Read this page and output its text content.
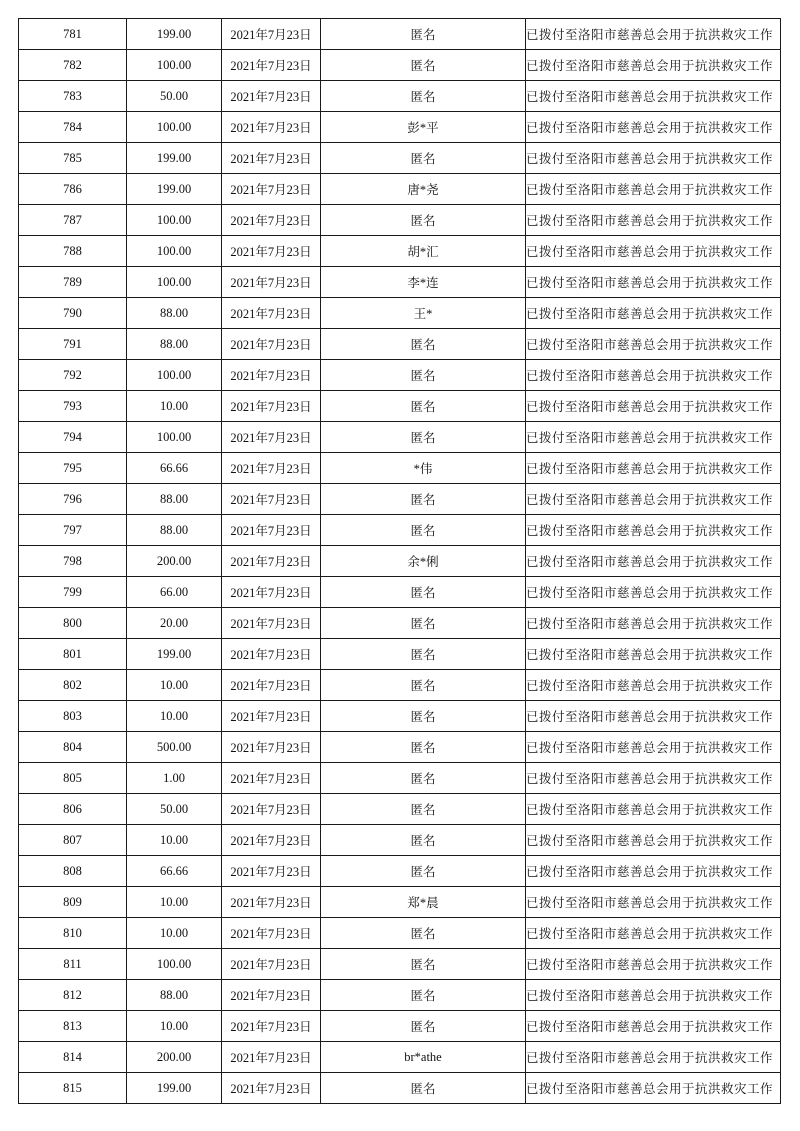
781	199.00	2021年7月23日	匿名	已拨付至洛阳市慈善总会用于抗洪救灾工作
782	100.00	2021年7月23日	匿名	已拨付至洛阳市慈善总会用于抗洪救灾工作
783	50.00	2021年7月23日	匿名	已拨付至洛阳市慈善总会用于抗洪救灾工作
784	100.00	2021年7月23日	彭*平	已拨付至洛阳市慈善总会用于抗洪救灾工作
785	199.00	2021年7月23日	匿名	已拨付至洛阳市慈善总会用于抗洪救灾工作
786	199.00	2021年7月23日	唐*尧	已拨付至洛阳市慈善总会用于抗洪救灾工作
787	100.00	2021年7月23日	匿名	已拨付至洛阳市慈善总会用于抗洪救灾工作
788	100.00	2021年7月23日	胡*汇	已拨付至洛阳市慈善总会用于抗洪救灾工作
789	100.00	2021年7月23日	李*连	已拨付至洛阳市慈善总会用于抗洪救灾工作
790	88.00	2021年7月23日	王*	已拨付至洛阳市慈善总会用于抗洪救灾工作
791	88.00	2021年7月23日	匿名	已拨付至洛阳市慈善总会用于抗洪救灾工作
792	100.00	2021年7月23日	匿名	已拨付至洛阳市慈善总会用于抗洪救灾工作
793	10.00	2021年7月23日	匿名	已拨付至洛阳市慈善总会用于抗洪救灾工作
794	100.00	2021年7月23日	匿名	已拨付至洛阳市慈善总会用于抗洪救灾工作
795	66.66	2021年7月23日	*伟	已拨付至洛阳市慈善总会用于抗洪救灾工作
796	88.00	2021年7月23日	匿名	已拨付至洛阳市慈善总会用于抗洪救灾工作
797	88.00	2021年7月23日	匿名	已拨付至洛阳市慈善总会用于抗洪救灾工作
798	200.00	2021年7月23日	余*俐	已拨付至洛阳市慈善总会用于抗洪救灾工作
799	66.00	2021年7月23日	匿名	已拨付至洛阳市慈善总会用于抗洪救灾工作
800	20.00	2021年7月23日	匿名	已拨付至洛阳市慈善总会用于抗洪救灾工作
801	199.00	2021年7月23日	匿名	已拨付至洛阳市慈善总会用于抗洪救灾工作
802	10.00	2021年7月23日	匿名	已拨付至洛阳市慈善总会用于抗洪救灾工作
803	10.00	2021年7月23日	匿名	已拨付至洛阳市慈善总会用于抗洪救灾工作
804	500.00	2021年7月23日	匿名	已拨付至洛阳市慈善总会用于抗洪救灾工作
805	1.00	2021年7月23日	匿名	已拨付至洛阳市慈善总会用于抗洪救灾工作
806	50.00	2021年7月23日	匿名	已拨付至洛阳市慈善总会用于抗洪救灾工作
807	10.00	2021年7月23日	匿名	已拨付至洛阳市慈善总会用于抗洪救灾工作
808	66.66	2021年7月23日	匿名	已拨付至洛阳市慈善总会用于抗洪救灾工作
809	10.00	2021年7月23日	郑*晨	已拨付至洛阳市慈善总会用于抗洪救灾工作
810	10.00	2021年7月23日	匿名	已拨付至洛阳市慈善总会用于抗洪救灾工作
811	100.00	2021年7月23日	匿名	已拨付至洛阳市慈善总会用于抗洪救灾工作
812	88.00	2021年7月23日	匿名	已拨付至洛阳市慈善总会用于抗洪救灾工作
813	10.00	2021年7月23日	匿名	已拨付至洛阳市慈善总会用于抗洪救灾工作
814	200.00	2021年7月23日	br*athe	已拨付至洛阳市慈善总会用于抗洪救灾工作
815	199.00	2021年7月23日	匿名	已拨付至洛阳市慈善总会用于抗洪救灾工作
